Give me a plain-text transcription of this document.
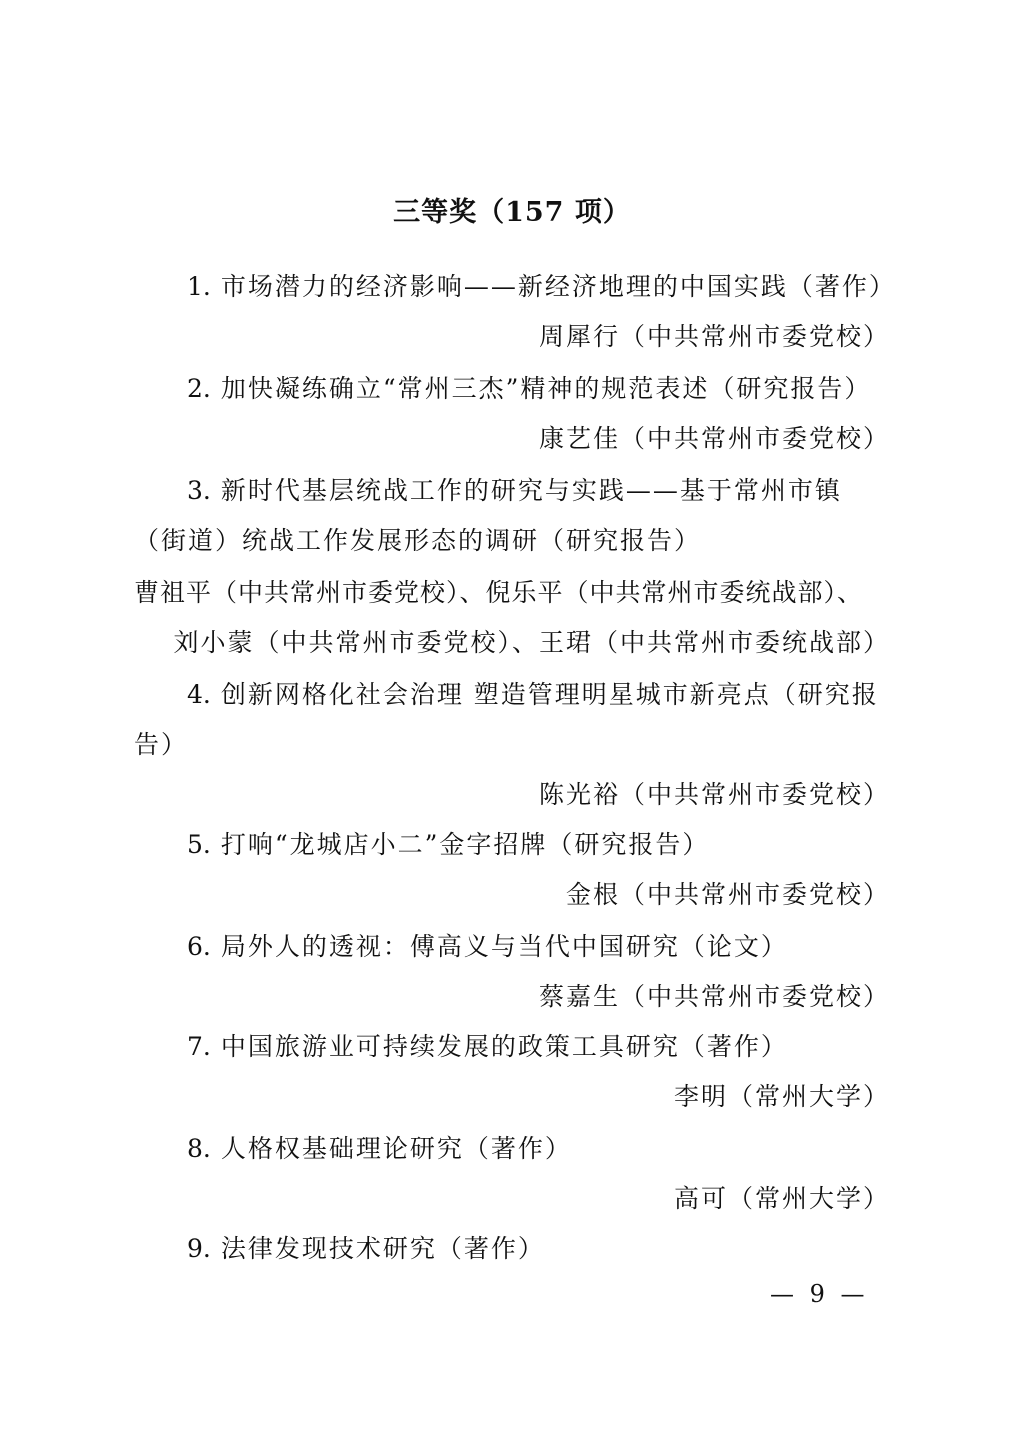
三等奖（157 项）
1. 市场潜力的经济影响——新经济地理的中国实践（著作）
周犀行（中共常州市委党校）
2. 加快凝练确立“常州三杰”精神的规范表述（研究报告）
康艺佳（中共常州市委党校）
3. 新时代基层统战工作的研究与实践——基于常州市镇
（街道）统战工作发展形态的调研（研究报告）
曹祖平（中共常州市委党校）、倪乐平（中共常州市委统战部）、
刘小蒙（中共常州市委党校）、王珺（中共常州市委统战部）
4. 创新网格化社会治理 塑造管理明星城市新亮点（研究报
告）
陈光裕（中共常州市委党校）
5. 打响“龙城店小二”金字招牌（研究报告）
金根（中共常州市委党校）
6. 局外人的透视：傅高义与当代中国研究（论文）
蔡嘉生（中共常州市委党校）
7. 中国旅游业可持续发展的政策工具研究（著作）
李明（常州大学）
8. 人格权基础理论研究（著作）
高可（常州大学）
9. 法律发现技术研究（著作）
— 9 —
